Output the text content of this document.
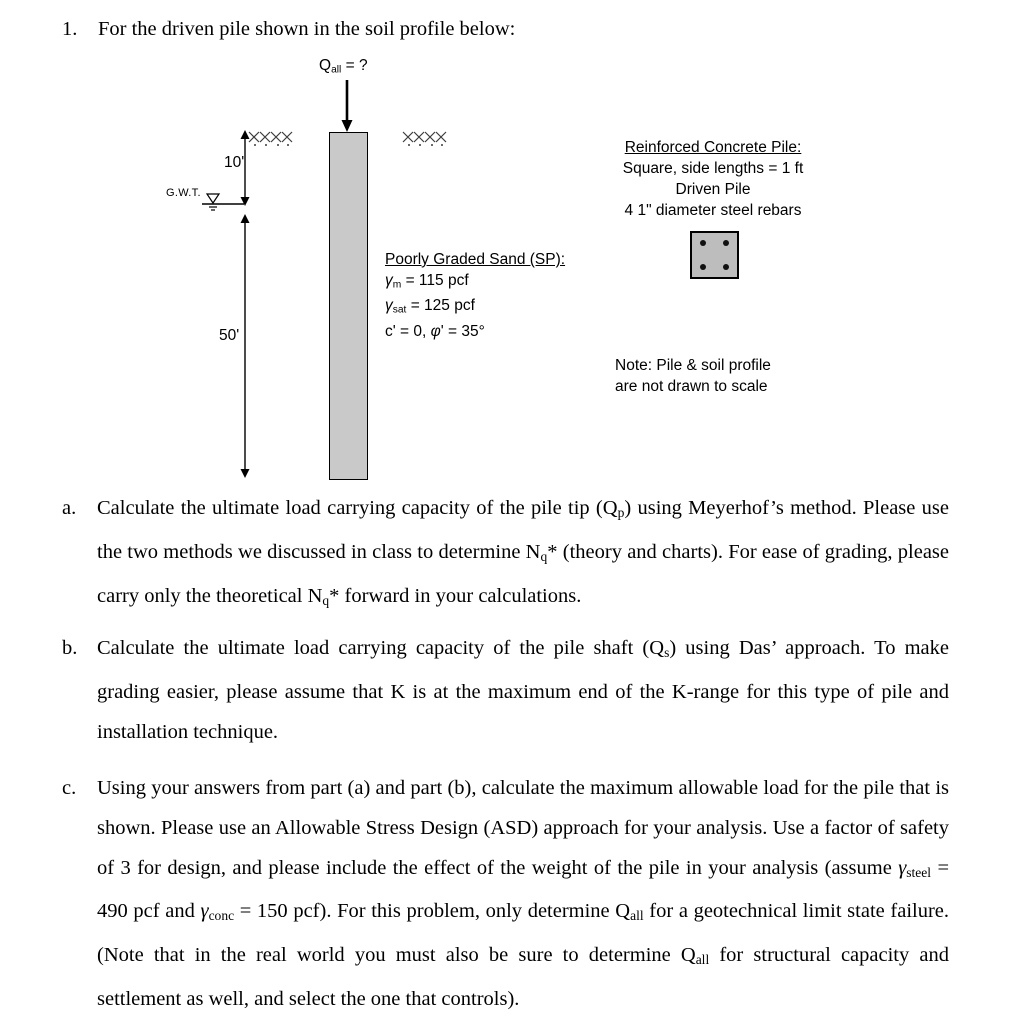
1. For the driven pile shown in the soil profile below:
$Q_{all}$ = ?
G.W.T.
10'
50'
Poorly Graded Sand (SP):
$\gamma_m = 115$ pcf
$\gamma_{sat} = 125$ pcf
c' = 0, φ' = 35°
Reinforced Concrete Pile:
Square, side lengths = 1 ft
Driven Pile
4 1" diameter steel rebars
Note: Pile & soil profile
are not drawn to scale
a. Calculate the ultimate load carrying capacity of the pile tip $(Q_p)$ using Meyerhof’s method. Please use the two methods we discussed in class to determine $N_q*$ (theory and charts). For ease of grading, please carry only the theoretical $N_q*$ forward in your calculations.

b. Calculate the ultimate load carrying capacity of the pile shaft $(Q_s)$ using Das’ approach. To make grading easier, please assume that K is at the maximum end of the K-range for this type of pile and installation technique.

c. Using your answers from part (a) and part (b), calculate the maximum allowable load for the pile that is shown. Please use an Allowable Stress Design (ASD) approach for your analysis. Use a factor of safety of 3 for design, and please include the effect of the weight of the pile in your analysis (assume $\gamma_{steel} = 490$ pcf and $\gamma_{conc} = 150$ pcf). For this problem, only determine $Q_{all}$ for a geotechnical limit state failure. (Note that in the real world you must also be sure to determine $Q_{all}$ for structural capacity and settlement as well, and select the one that controls).
